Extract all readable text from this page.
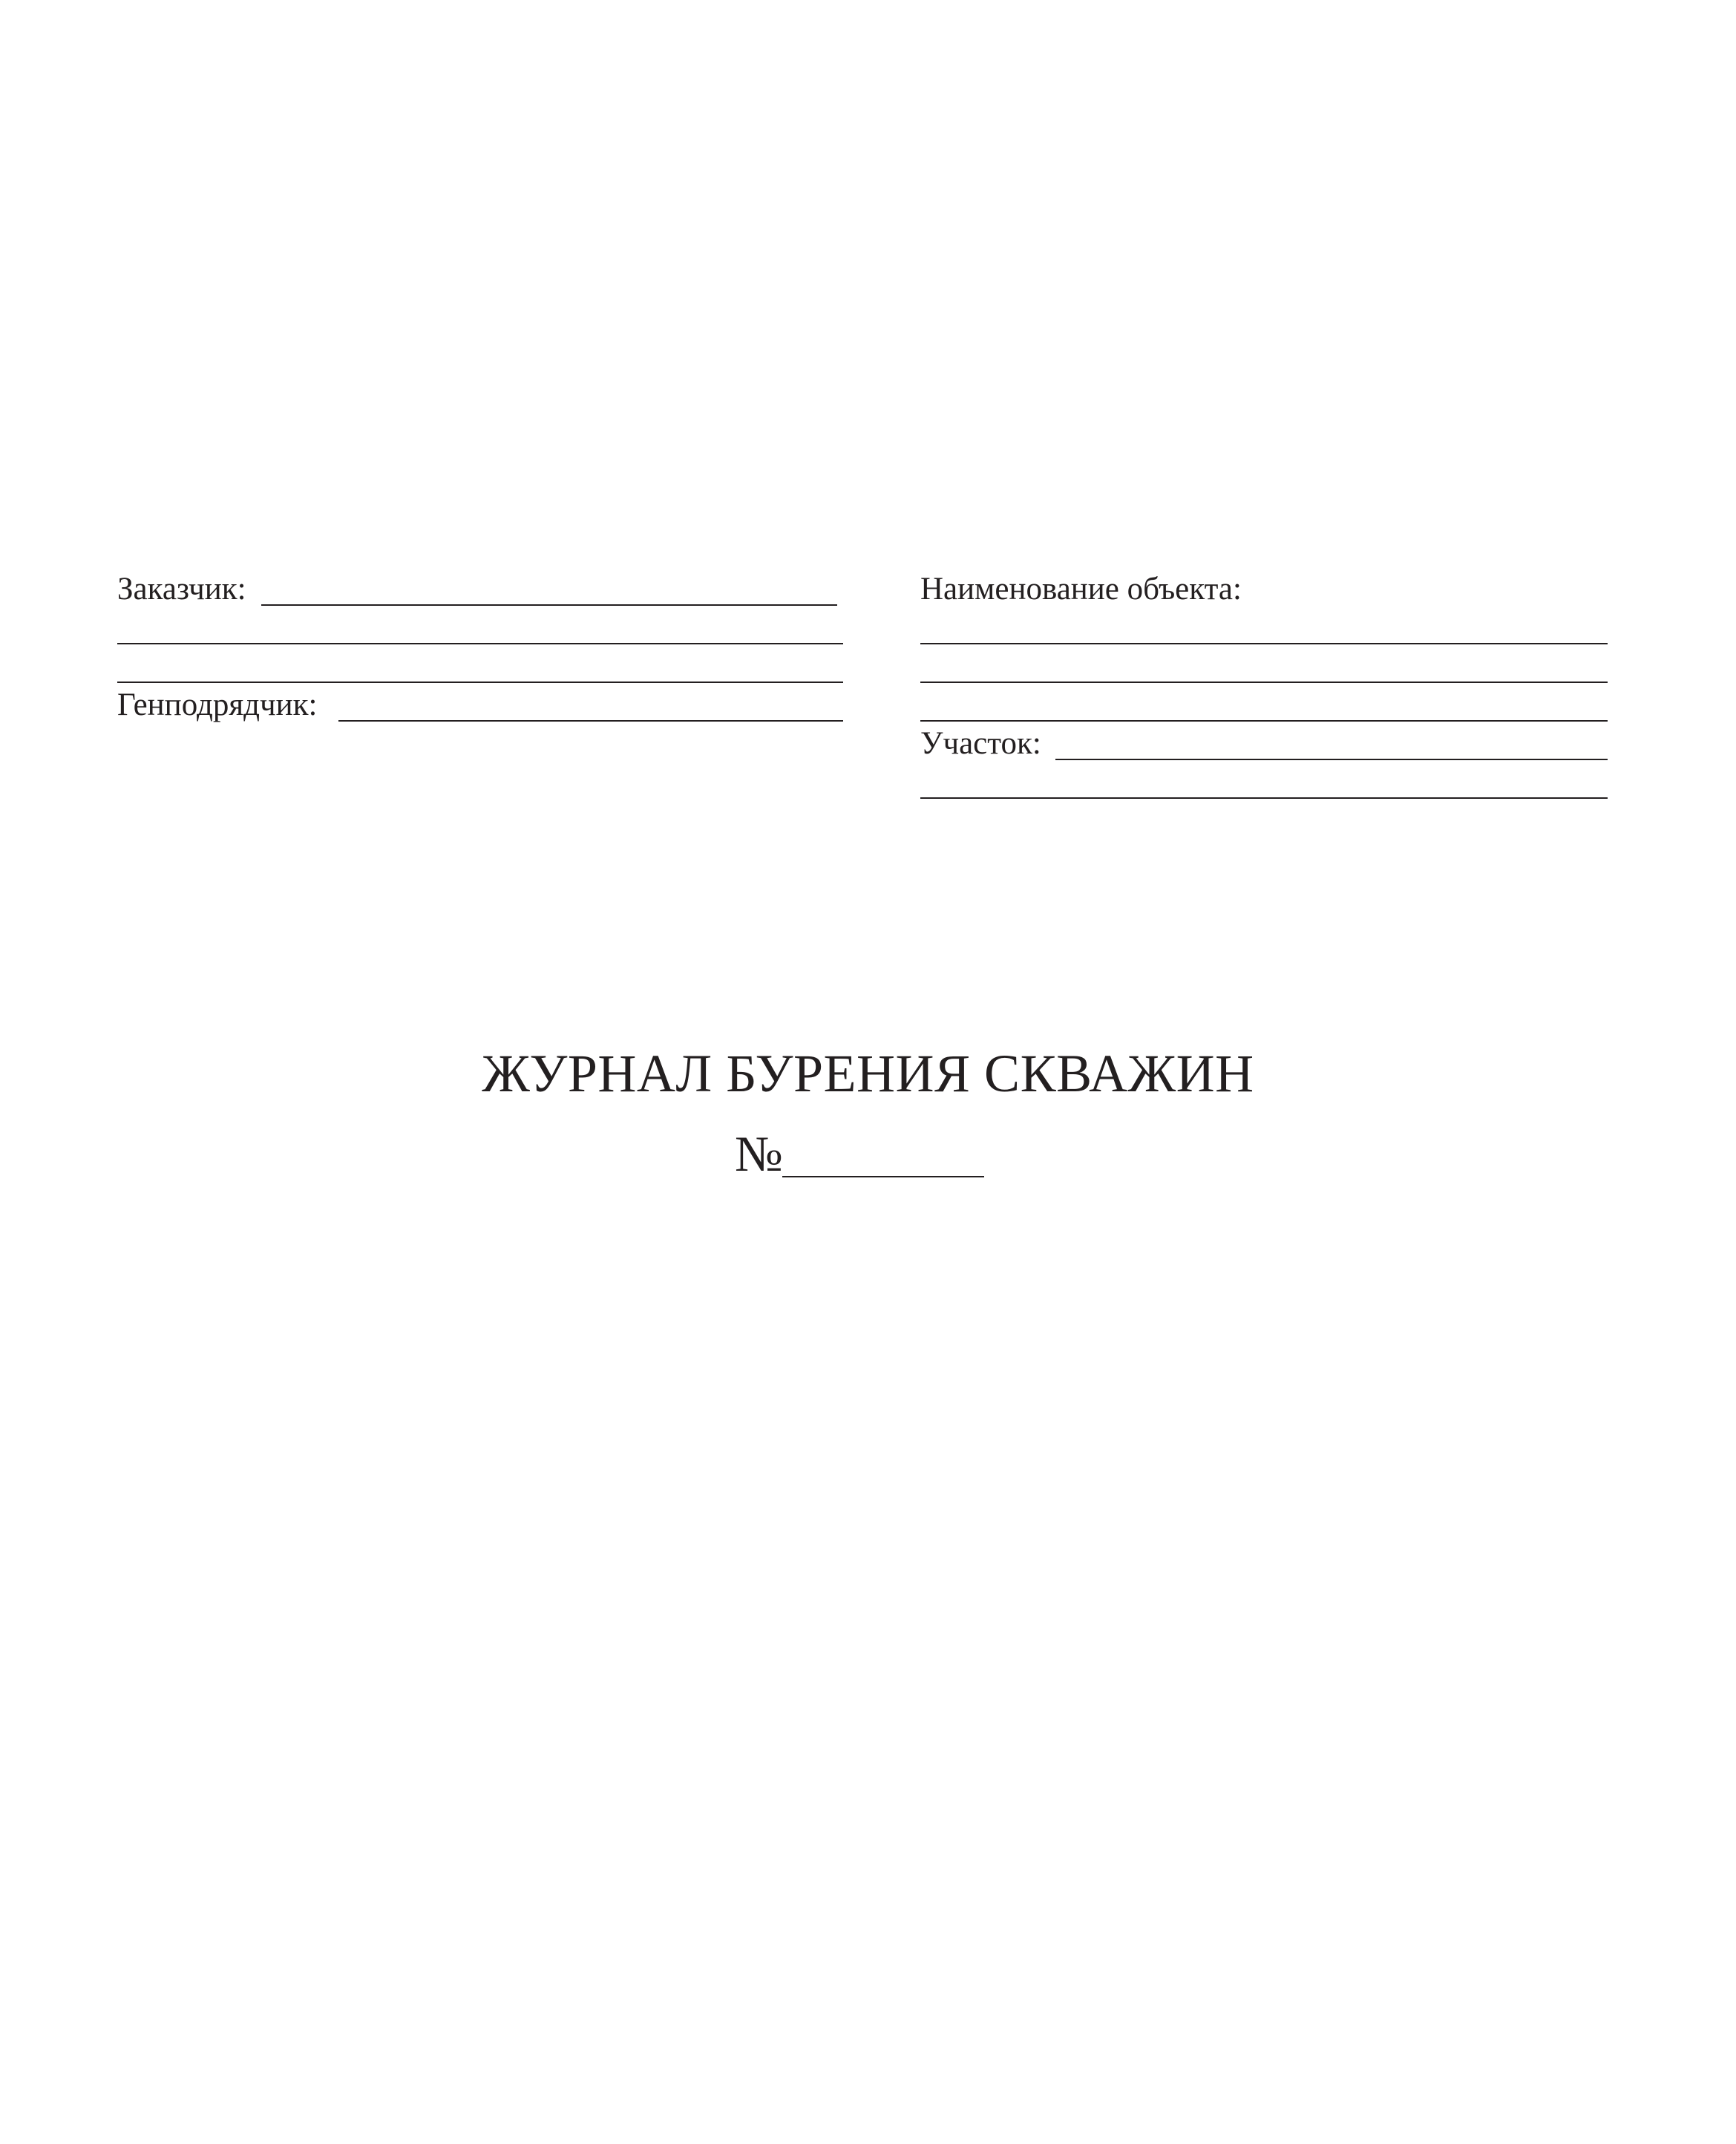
Заказчик:
Генподрядчик:
Наименование объекта:
Участок:
ЖУРНАЛ БУРЕНИЯ СКВАЖИН
№
